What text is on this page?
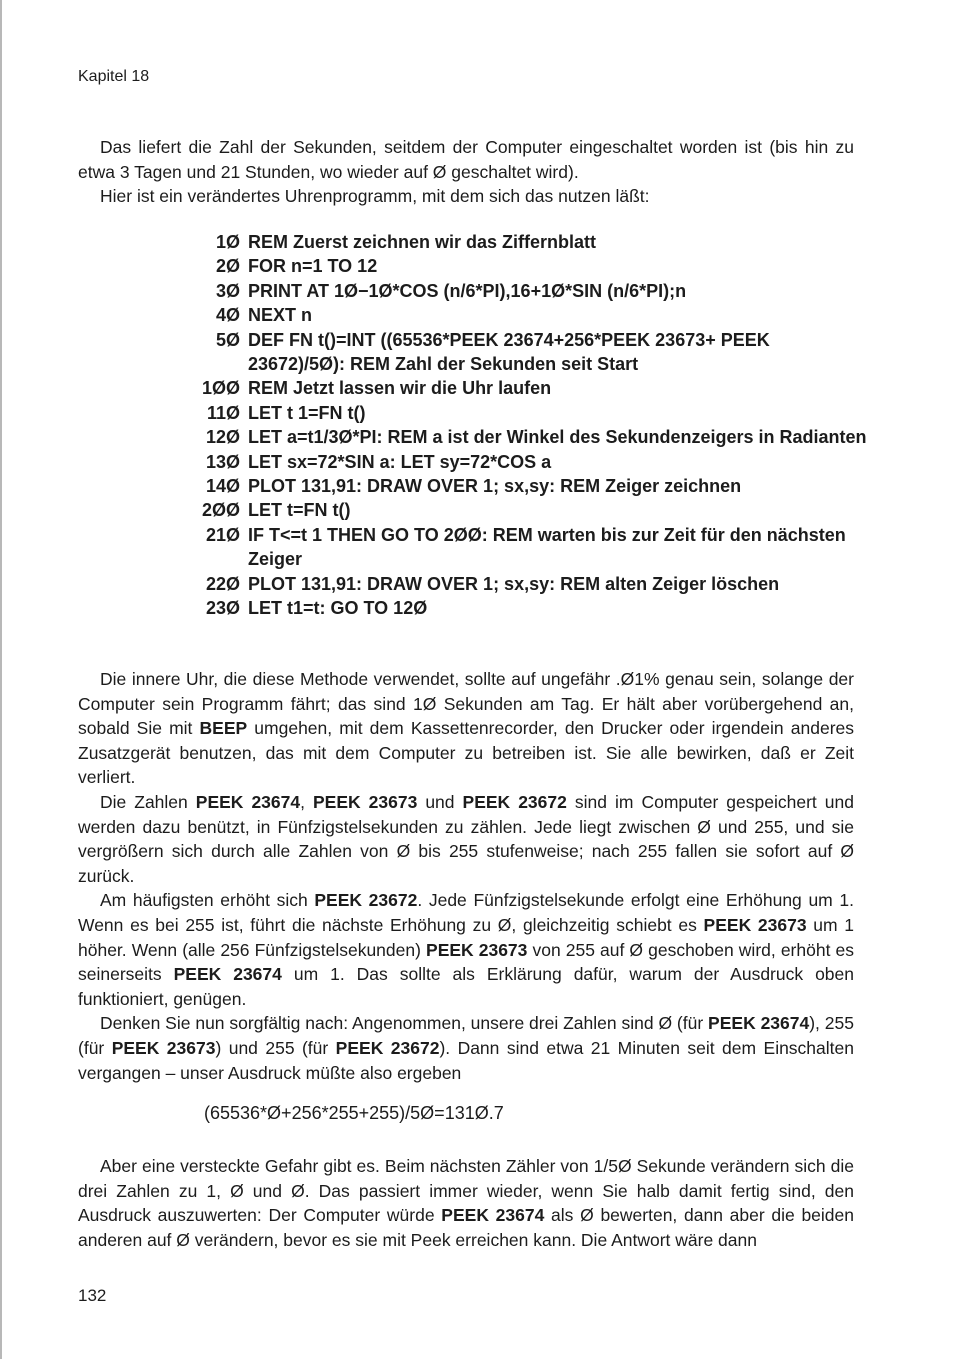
Kapitel 18

Das liefert die Zahl der Sekunden, seitdem der Computer eingeschaltet worden ist (bis hin zu etwa 3 Tagen und 21 Stunden, wo wieder auf Ø geschaltet wird).

Hier ist ein verändertes Uhrenprogramm, mit dem sich das nutzen läßt:

1Ø REM Zuerst zeichnen wir das Ziffernblatt
2Ø FOR n=1 TO 12
3Ø PRINT AT 1Ø−1Ø*COS (n/6*PI),16+1Ø*SIN (n/6*PI);n
4Ø NEXT n
5Ø DEF FN t()=INT ((65536*PEEK 23674+256*PEEK 23673+ PEEK 23672)/5Ø): REM Zahl der Sekunden seit Start
1ØØ REM Jetzt lassen wir die Uhr laufen
11Ø LET t 1=FN t()
12Ø LET a=t1/3Ø*PI: REM a ist der Winkel des Sekundenzeigers in Radianten
13Ø LET sx=72*SIN a: LET sy=72*COS a
14Ø PLOT 131,91: DRAW OVER 1; sx,sy: REM Zeiger zeichnen
2ØØ LET t=FN t()
21Ø IF T<=t 1 THEN GO TO 2ØØ: REM warten bis zur Zeit für den nächsten Zeiger
22Ø PLOT 131,91: DRAW OVER 1; sx,sy: REM alten Zeiger löschen
23Ø LET t1=t: GO TO 12Ø

Die innere Uhr, die diese Methode verwendet, sollte auf ungefähr .Ø1% genau sein, solange der Computer sein Programm fährt; das sind 1Ø Sekunden am Tag. Er hält aber vorübergehend an, sobald Sie mit BEEP umgehen, mit dem Kassettenrecorder, den Drucker oder irgendein anderes Zusatzgerät benutzen, das mit dem Computer zu betreiben ist. Sie alle bewirken, daß er Zeit verliert.

Die Zahlen PEEK 23674, PEEK 23673 und PEEK 23672 sind im Computer gespeichert und werden dazu benützt, in Fünfzigstelsekunden zu zählen. Jede liegt zwischen Ø und 255, und sie vergrößern sich durch alle Zahlen von Ø bis 255 stufenweise; nach 255 fallen sie sofort auf Ø zurück.

Am häufigsten erhöht sich PEEK 23672. Jede Fünfzigstelsekunde erfolgt eine Erhöhung um 1. Wenn es bei 255 ist, führt die nächste Erhöhung zu Ø, gleichzeitig schiebt es PEEK 23673 um 1 höher. Wenn (alle 256 Fünfzigstelsekunden) PEEK 23673 von 255 auf Ø geschoben wird, erhöht es seinerseits PEEK 23674 um 1. Das sollte als Erklärung dafür, warum der Ausdruck oben funktioniert, genügen.

Denken Sie nun sorgfältig nach: Angenommen, unsere drei Zahlen sind Ø (für PEEK 23674), 255 (für PEEK 23673) und 255 (für PEEK 23672). Dann sind etwa 21 Minuten seit dem Einschalten vergangen – unser Ausdruck müßte also ergeben

(65536*Ø+256*255+255)/5Ø=131Ø.7

Aber eine versteckte Gefahr gibt es. Beim nächsten Zähler von 1/5Ø Sekunde verändern sich die drei Zahlen zu 1, Ø und Ø. Das passiert immer wieder, wenn Sie halb damit fertig sind, den Ausdruck auszuwerten: Der Computer würde PEEK 23674 als Ø bewerten, dann aber die beiden anderen auf Ø verändern, bevor es sie mit Peek erreichen kann. Die Antwort wäre dann

132
